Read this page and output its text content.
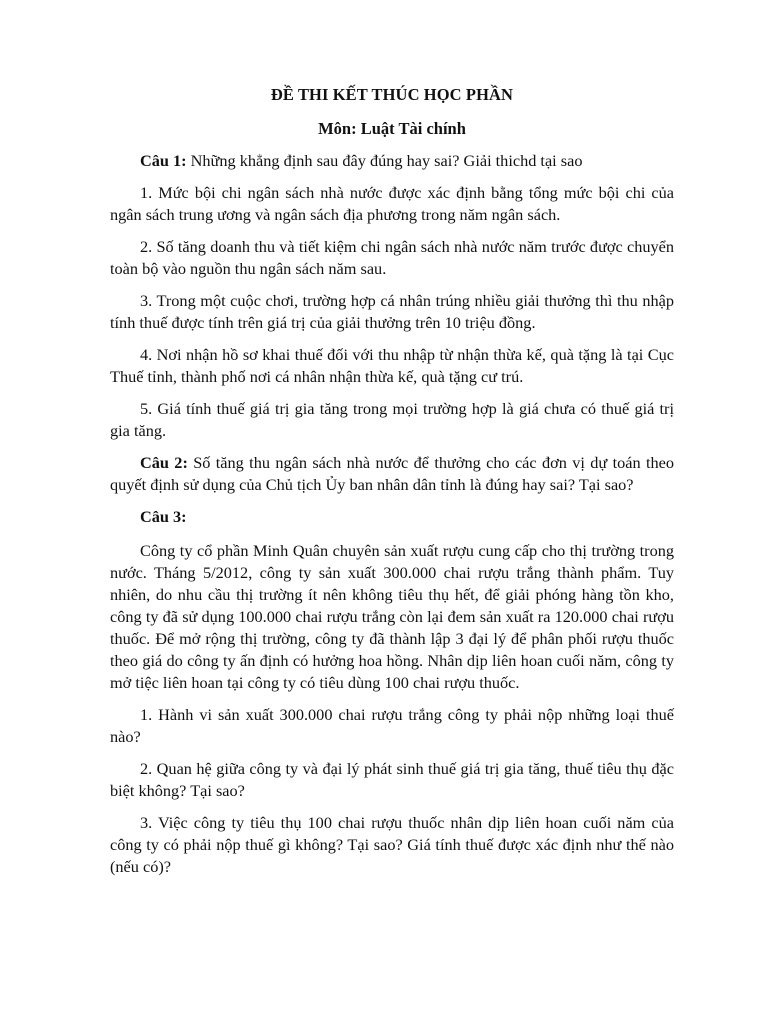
ĐỀ THI KẾT THÚC HỌC PHẦN
Môn: Luật Tài chính

Câu 1: Những khẳng định sau đây đúng hay sai? Giải thichd tại sao

1. Mức bội chi ngân sách nhà nước được xác định bằng tổng mức bội chi của ngân sách trung ương và ngân sách địa phương trong năm ngân sách.

2. Số tăng doanh thu và tiết kiệm chi ngân sách nhà nước năm trước được chuyển toàn bộ vào nguồn thu ngân sách năm sau.

3. Trong một cuộc chơi, trường hợp cá nhân trúng nhiều giải thưởng thì thu nhập tính thuế được tính trên giá trị của giải thưởng trên 10 triệu đồng.

4. Nơi nhận hồ sơ khai thuế đối với thu nhập từ nhận thừa kế, quà tặng là tại Cục Thuế tỉnh, thành phố nơi cá nhân nhận thừa kế, quà tặng cư trú.

5. Giá tính thuế giá trị gia tăng trong mọi trường hợp là giá chưa có thuế giá trị gia tăng.

Câu 2: Số tăng thu ngân sách nhà nước để thưởng cho các đơn vị dự toán theo quyết định sử dụng của Chủ tịch Ủy ban nhân dân tỉnh là đúng hay sai? Tại sao?

Câu 3:

Công ty cổ phần Minh Quân chuyên sản xuất rượu cung cấp cho thị trường trong nước. Tháng 5/2012, công ty sản xuất 300.000 chai rượu trắng thành phẩm. Tuy nhiên, do nhu cầu thị trường ít nên không tiêu thụ hết, để giải phóng hàng tồn kho, công ty đã sử dụng 100.000 chai rượu trắng còn lại đem sản xuất ra 120.000 chai rượu thuốc. Để mở rộng thị trường, công ty đã thành lập 3 đại lý để phân phối rượu thuốc theo giá do công ty ấn định có hưởng hoa hồng. Nhân dịp liên hoan cuối năm, công ty mở tiệc liên hoan tại công ty có tiêu dùng 100 chai rượu thuốc.

1. Hành vi sản xuất 300.000 chai rượu trắng công ty phải nộp những loại thuế nào?

2. Quan hệ giữa công ty và đại lý phát sinh thuế giá trị gia tăng, thuế tiêu thụ đặc biệt không? Tại sao?

3. Việc công ty tiêu thụ 100 chai rượu thuốc nhân dịp liên hoan cuối năm của công ty có phải nộp thuế gì không? Tại sao? Giá tính thuế được xác định như thế nào (nếu có)?
